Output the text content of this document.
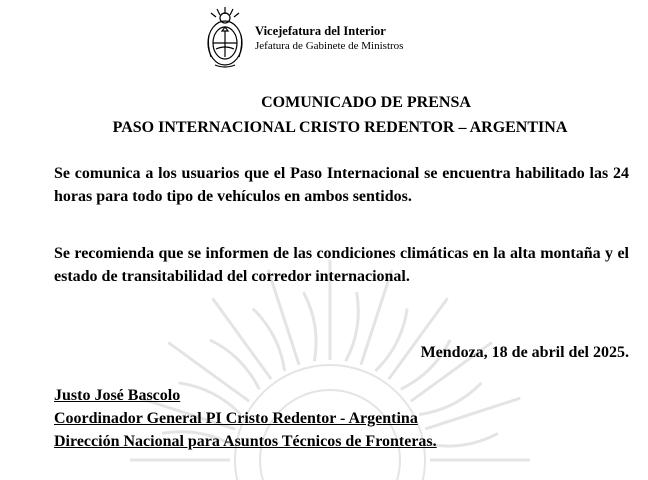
Vicejefatura del Interior
Jefatura de Gabinete de Ministros
COMUNICADO DE PRENSA
PASO INTERNACIONAL CRISTO REDENTOR – ARGENTINA
Se comunica a los usuarios que el Paso Internacional se encuentra habilitado las 24 horas para todo tipo de vehículos en ambos sentidos.
Se recomienda que se informen de las condiciones climáticas en la alta montaña y el estado de transitabilidad del corredor internacional.
Mendoza, 18 de abril del 2025.
Justo José Bascolo
Coordinador General PI Cristo Redentor - Argentina
Dirección Nacional para Asuntos Técnicos de Fronteras.
